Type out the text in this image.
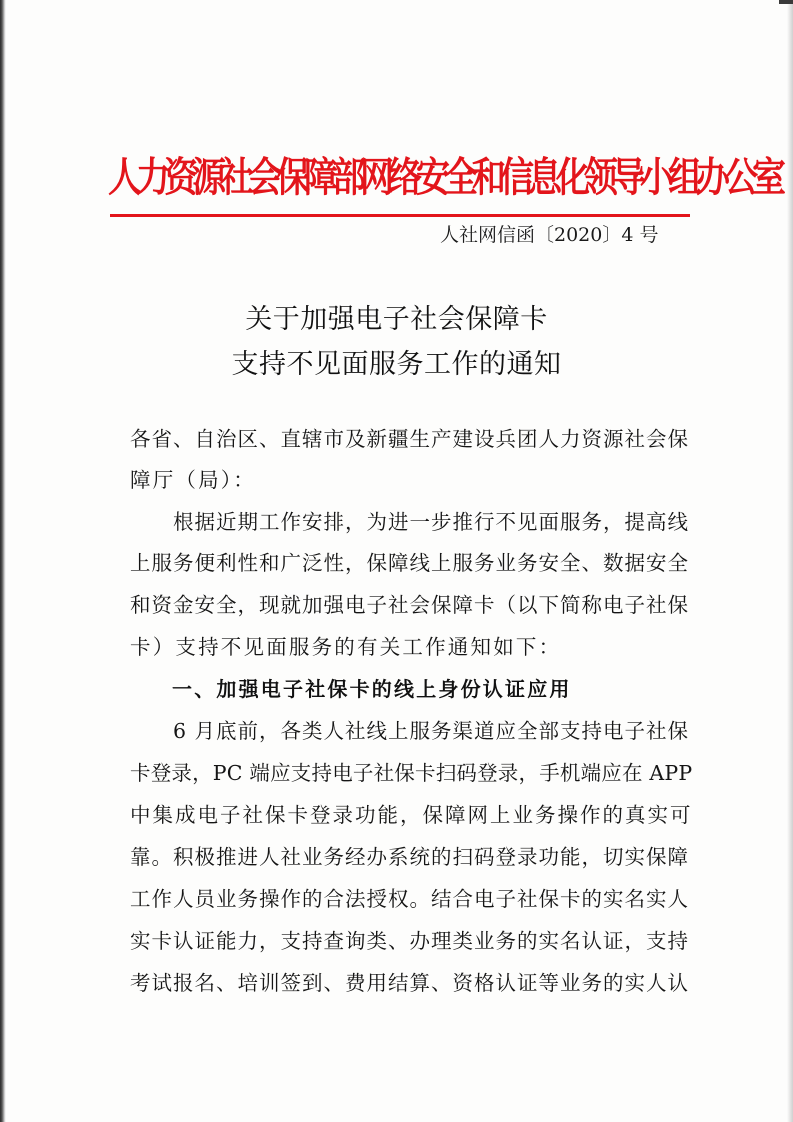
人力资源社会保障部网络安全和信息化领导小组办公室
人社网信函〔2020〕4 号
关于加强电子社会保障卡
支持不见面服务工作的通知
各省、自治区、直辖市及新疆生产建设兵团人力资源社会保
障厅（局）：
　　根据近期工作安排，为进一步推行不见面服务，提高线
上服务便利性和广泛性，保障线上服务业务安全、数据安全
和资金安全，现就加强电子社会保障卡（以下简称电子社保
卡）支持不见面服务的有关工作通知如下：
一、加强电子社保卡的线上身份认证应用
　　6 月底前，各类人社线上服务渠道应全部支持电子社保
卡登录，PC 端应支持电子社保卡扫码登录，手机端应在 APP
中集成电子社保卡登录功能，保障网上业务操作的真实可
靠。积极推进人社业务经办系统的扫码登录功能，切实保障
工作人员业务操作的合法授权。结合电子社保卡的实名实人
实卡认证能力，支持查询类、办理类业务的实名认证，支持
考试报名、培训签到、费用结算、资格认证等业务的实人认
